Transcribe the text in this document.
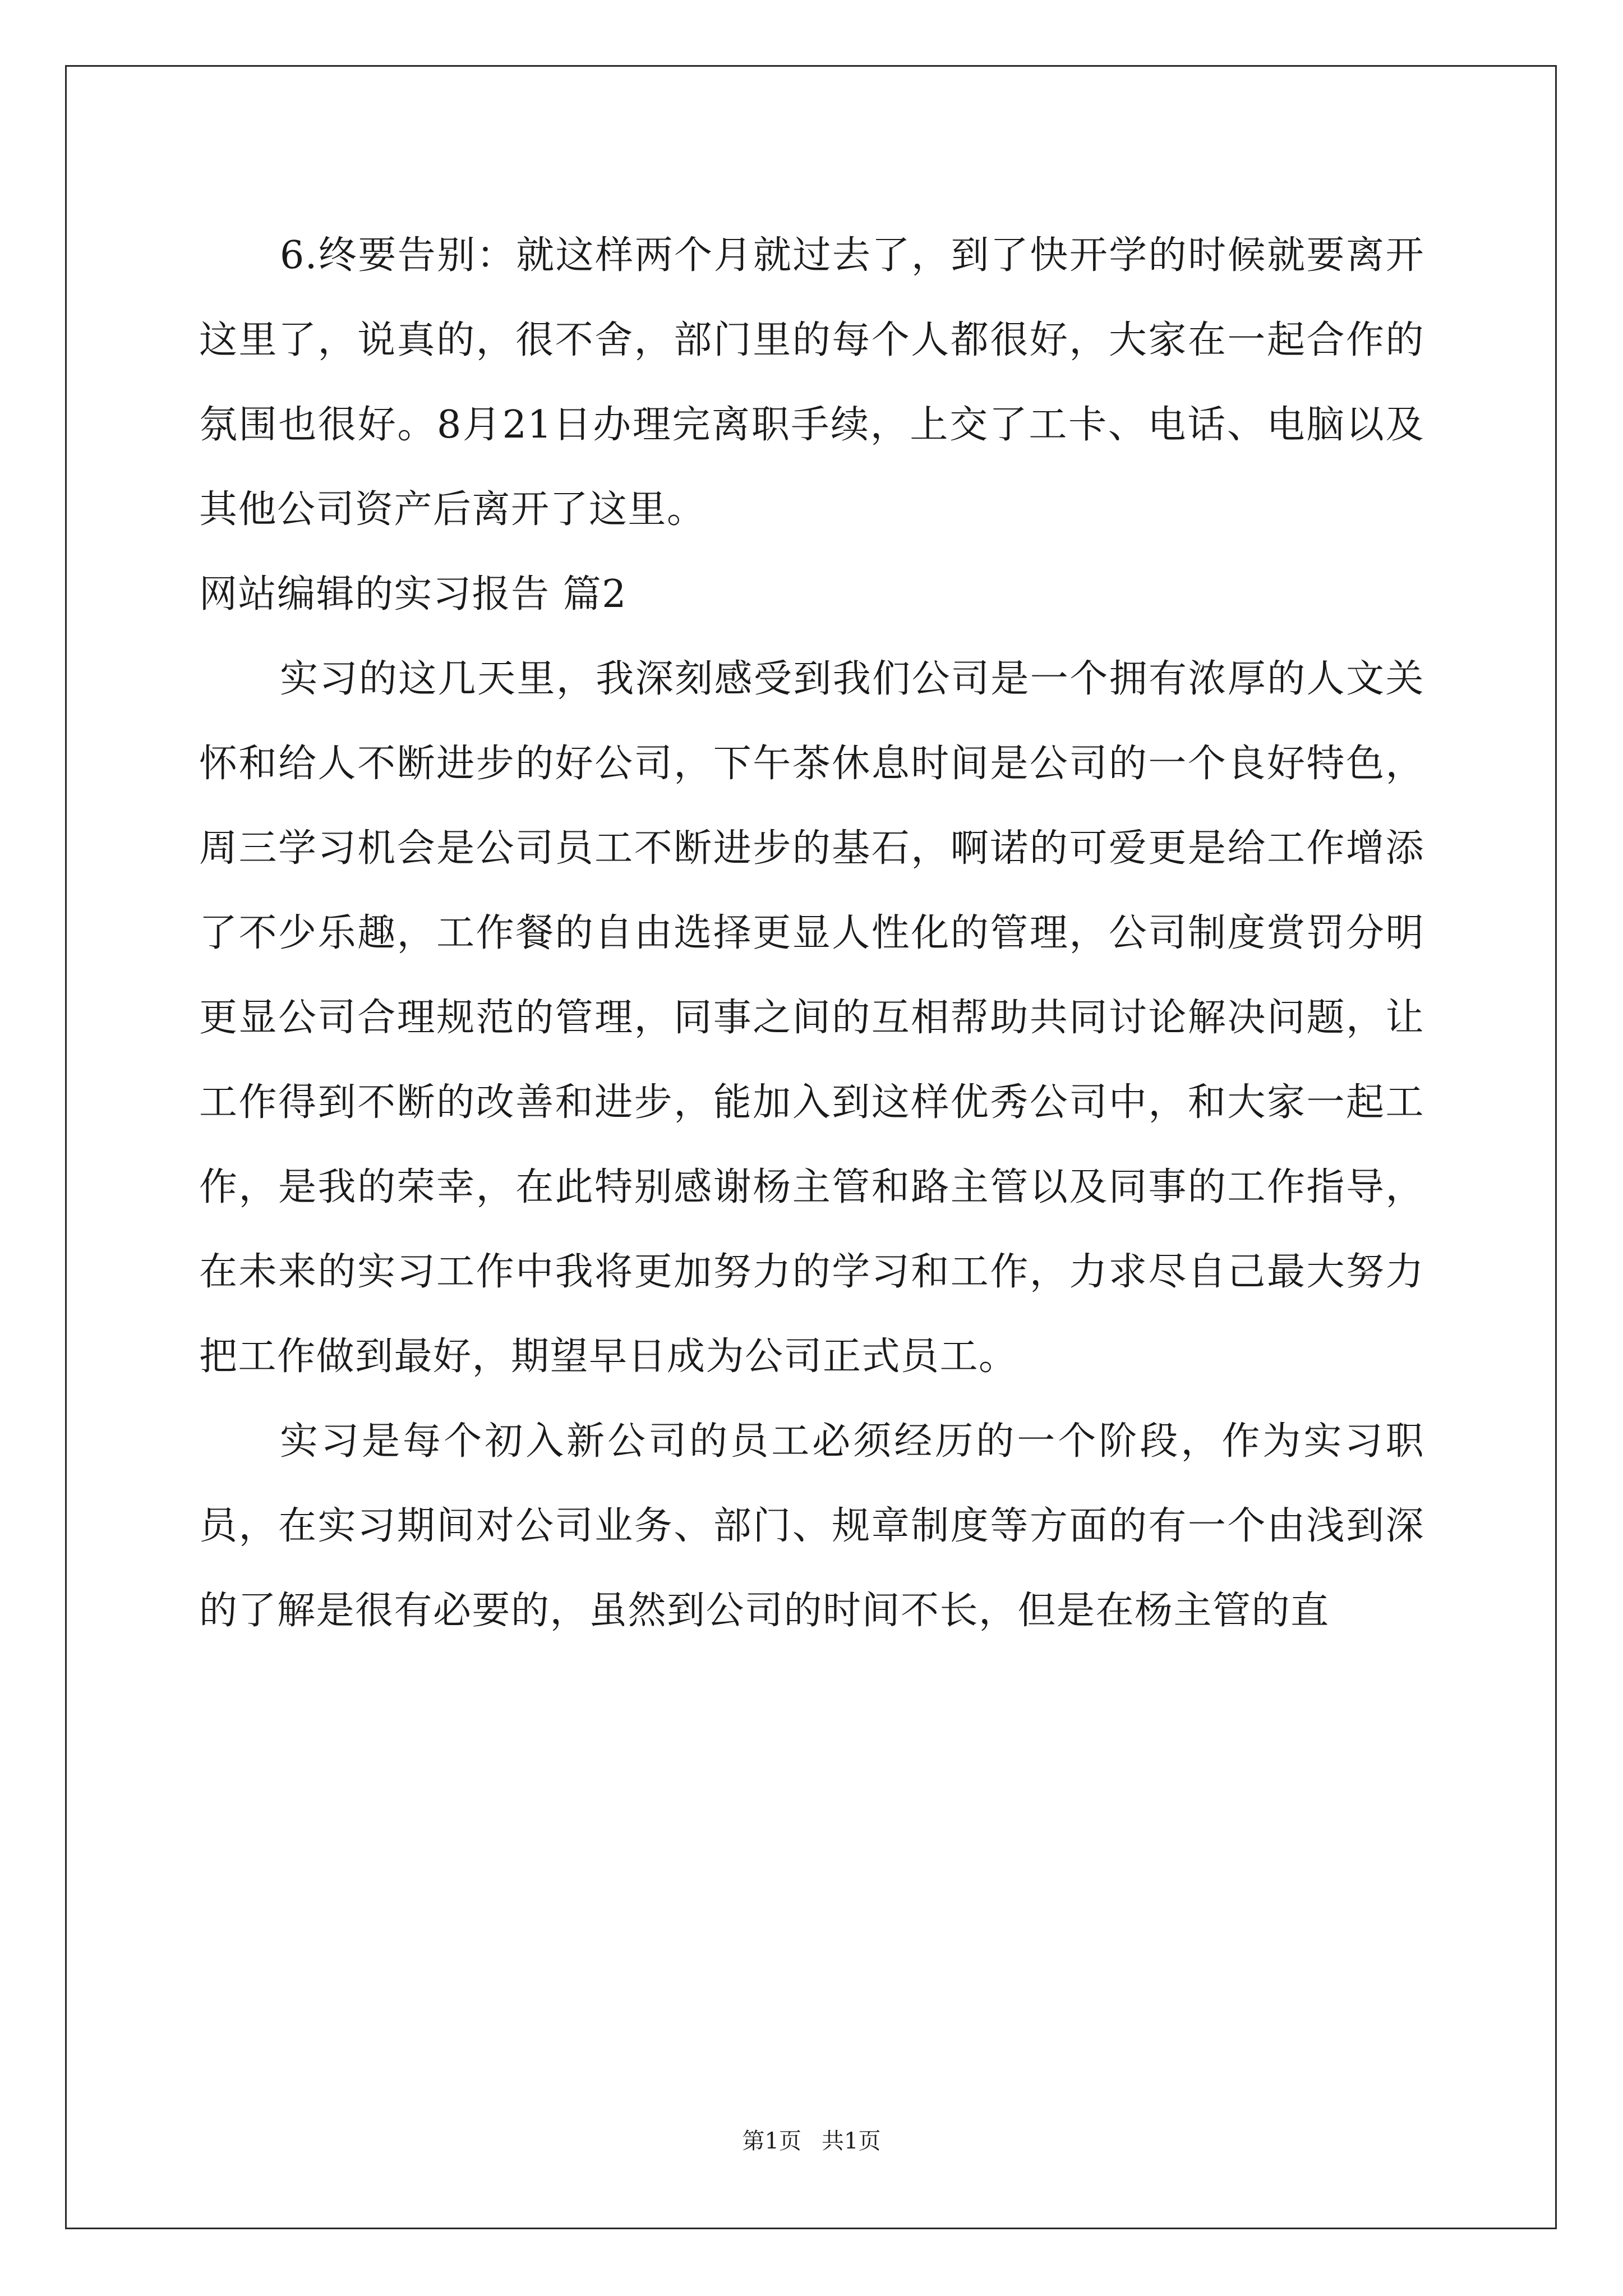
6.终要告别：就这样两个月就过去了，到了快开学的时候就要离开这里了，说真的，很不舍，部门里的每个人都很好，大家在一起合作的氛围也很好。8月21日办理完离职手续，上交了工卡、电话、电脑以及其他公司资产后离开了这里。

网站编辑的实习报告 篇2

实习的这几天里，我深刻感受到我们公司是一个拥有浓厚的人文关怀和给人不断进步的好公司，下午茶休息时间是公司的一个良好特色，周三学习机会是公司员工不断进步的基石，啊诺的可爱更是给工作增添了不少乐趣，工作餐的自由选择更显人性化的管理，公司制度赏罚分明更显公司合理规范的管理，同事之间的互相帮助共同讨论解决问题，让工作得到不断的改善和进步，能加入到这样优秀公司中，和大家一起工作，是我的荣幸，在此特别感谢杨主管和路主管以及同事的工作指导，在未来的实习工作中我将更加努力的学习和工作，力求尽自己最大努力把工作做到最好，期望早日成为公司正式员工。

实习是每个初入新公司的员工必须经历的一个阶段，作为实习职员，在实习期间对公司业务、部门、规章制度等方面的有一个由浅到深的了解是很有必要的，虽然到公司的时间不长，但是在杨主管的直

第1页 共1页
